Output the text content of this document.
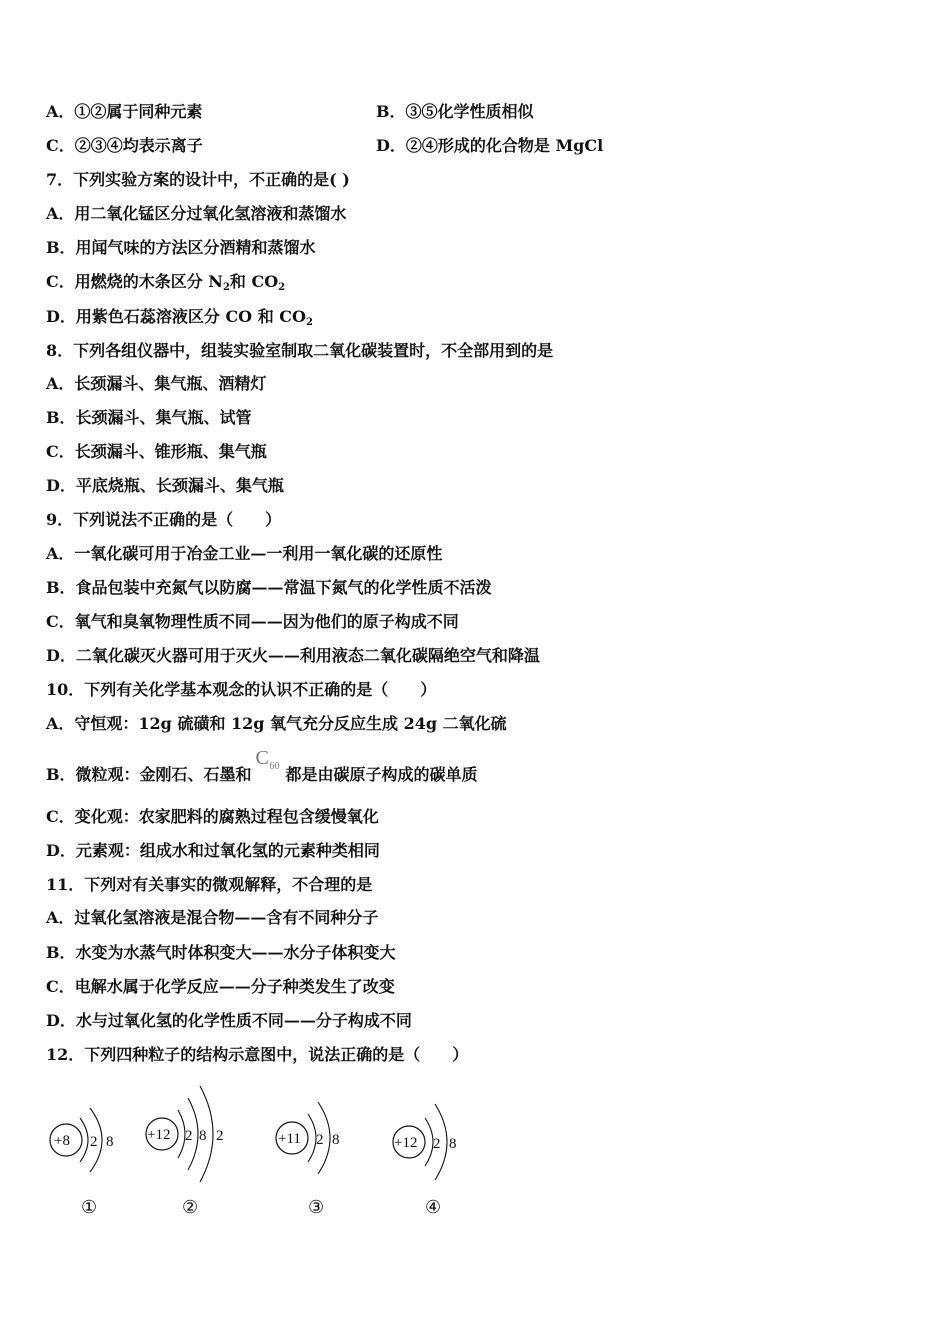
A．①②属于同种元素	B．③⑤化学性质相似
C．②③④均表示离子	D．②④形成的化合物是 MgCl
7．下列实验方案的设计中，不正确的是( )
A．用二氧化锰区分过氧化氢溶液和蒸馏水
B．用闻气味的方法区分酒精和蒸馏水
C．用燃烧的木条区分 $N_2$和 $CO_2$
D．用紫色石蕊溶液区分 CO 和 $CO_2$
8．下列各组仪器中，组装实验室制取二氧化碳装置时，不全部用到的是
A．长颈漏斗、集气瓶、酒精灯
B．长颈漏斗、集气瓶、试管
C．长颈漏斗、锥形瓶、集气瓶
D．平底烧瓶、长颈漏斗、集气瓶
9．下列说法不正确的是（　　）
A．一氧化碳可用于冶金工业—一利用一氧化碳的还原性
B．食品包装中充氮气以防腐——常温下氮气的化学性质不活泼
C．氧气和臭氧物理性质不同——因为他们的原子构成不同
D．二氧化碳灭火器可用于灭火——利用液态二氧化碳隔绝空气和降温
10．下列有关化学基本观念的认识不正确的是（　　）
A．守恒观：12g 硫磺和 12g 氧气充分反应生成 24g 二氧化硫
B．微粒观：金刚石、石墨和
C 60 都是由碳原子构成的碳单质
C．变化观：农家肥料的腐熟过程包含缓慢氧化
D．元素观：组成水和过氧化氢的元素种类相同
11．下列对有关事实的微观解释，不合理的是
A．过氧化氢溶液是混合物——含有不同种分子
B．水变为水蒸气时体积变大——水分子体积变大
C．电解水属于化学反应——分子种类发生了改变
D．水与过氧化氢的化学性质不同——分子构成不同
12．下列四种粒子的结构示意图中，说法正确的是（　　）
+8 2 8 +12 2 8 2	+11 2 8	+12 2 8
①	②	③	④
